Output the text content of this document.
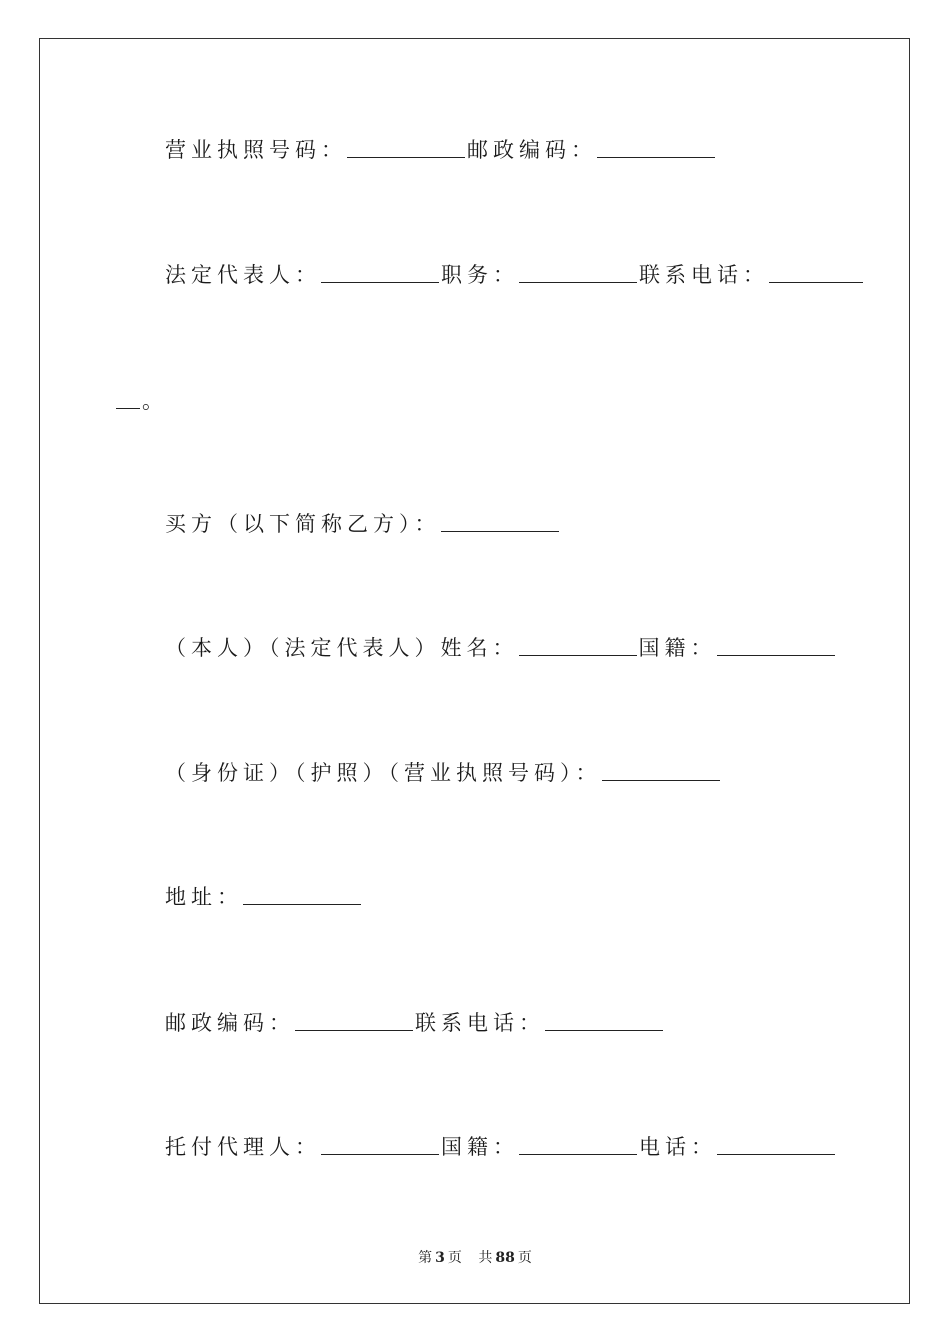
营业执照号码：	邮政编码：
法定代表人：	职务：	联系电话：
。
买方（以下简称乙方）：
（本人）（法定代表人）姓名：	国籍：
（身份证）（护照）（营业执照号码）：
地址：
邮政编码：	联系电话：
托付代理人：	国籍：	电话：
第 3 页 共 88 页
